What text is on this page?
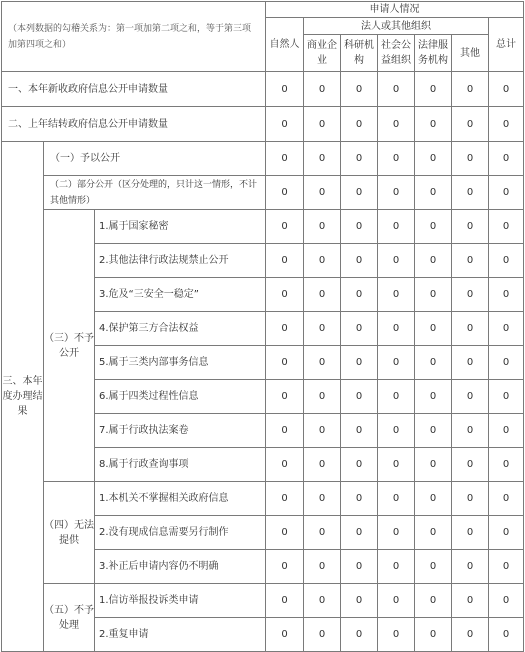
（本列数据的勾稽关系为：第一项加第二项之和，等于第三项加第四项之和）			申请人情况						
			自然人	法人或其他组织					总计
				商业企业	科研机构	社会公益组织	法律服务机构	其他	
一、本年新收政府信息公开申请数量			0	0	0	0	0	0	0
二、上年结转政府信息公开申请数量			0	0	0	0	0	0	0
三、本年度办理结果	（一）予以公开		0	0	0	0	0	0	0
	（二）部分公开（区分处理的，只计这一情形，不计其他情形）		0	0	0	0	0	0	0
	（三）不予公开	1.属于国家秘密	0	0	0	0	0	0	0
		2.其他法律行政法规禁止公开	0	0	0	0	0	0	0
		3.危及“三安全一稳定”	0	0	0	0	0	0	0
		4.保护第三方合法权益	0	0	0	0	0	0	0
		5.属于三类内部事务信息	0	0	0	0	0	0	0
		6.属于四类过程性信息	0	0	0	0	0	0	0
		7.属于行政执法案卷	0	0	0	0	0	0	0
		8.属于行政查询事项	0	0	0	0	0	0	0
	（四）无法提供	1.本机关不掌握相关政府信息	0	0	0	0	0	0	0
		2.没有现成信息需要另行制作	0	0	0	0	0	0	0
		3.补正后申请内容仍不明确	0	0	0	0	0	0	0
	（五）不予处理	1.信访举报投诉类申请	0	0	0	0	0	0	0
		2.重复申请	0	0	0	0	0	0	0
